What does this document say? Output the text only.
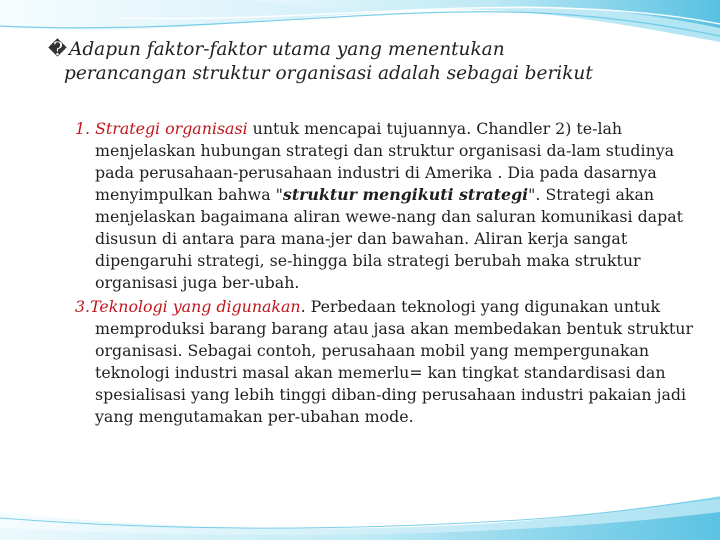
� Adapun faktor-faktor utama yang menentukan
perancangan struktur organisasi adalah sebagai berikut
1. Strategi organisasi untuk mencapai tujuannya. Chandler 2) te-lah menjelaskan hubungan strategi dan struktur organisasi da-lam studinya pada perusahaan-perusahaan industri di Amerika . Dia pada dasarnya menyimpulkan bahwa "struktur mengikuti strategi". Strategi akan menjelaskan bagaimana aliran wewe-nang dan saluran komunikasi dapat disusun di antara para mana-jer dan bawahan. Aliran kerja sangat dipengaruhi strategi, se-hingga bila strategi berubah maka struktur organisasi juga ber-ubah.
3.Teknologi yang digunakan. Perbedaan teknologi yang digunakan untuk memproduksi barang barang atau jasa akan membedakan bentuk struktur organisasi. Sebagai contoh, perusahaan mobil yang mempergunakan teknologi industri masal akan memerlu= kan tingkat standardisasi dan spesialisasi yang lebih tinggi diban-ding perusahaan industri pakaian jadi yang mengutamakan per-ubahan mode.
